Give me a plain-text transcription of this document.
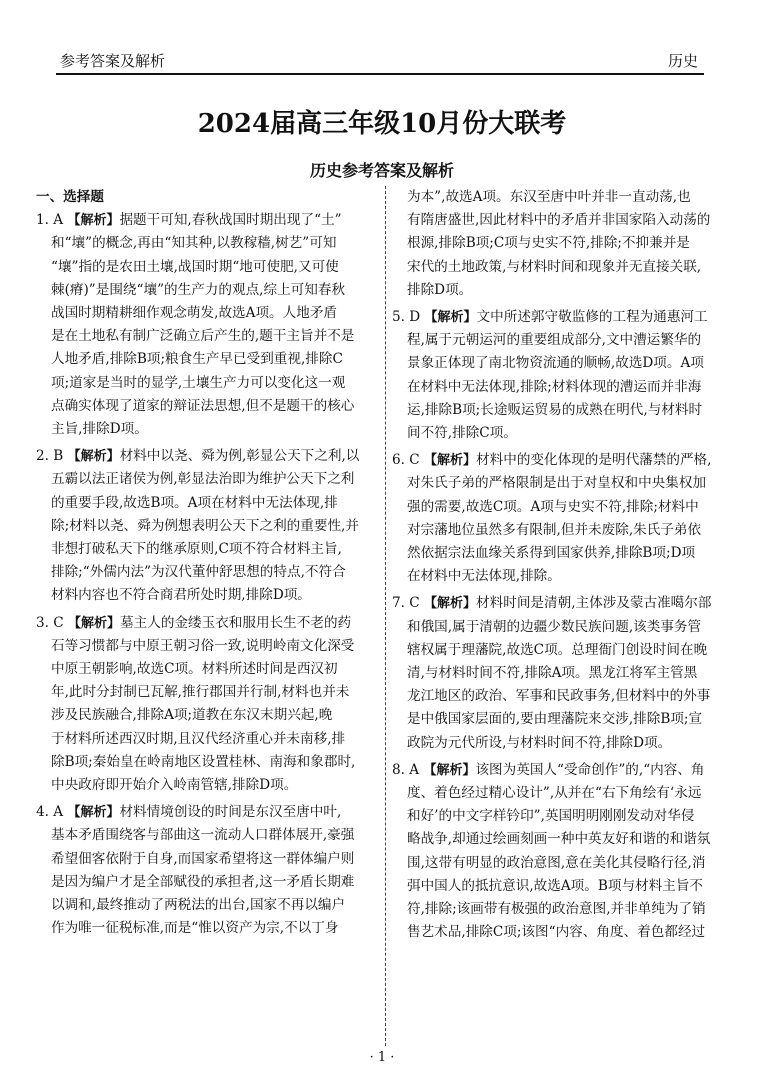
参考答案及解析	历史
2024届高三年级10月份大联考
历史参考答案及解析
一、选择题
1. A 【解析】据题干可知,春秋战国时期出现了“土”
和“壤”的概念,再由“知其种,以教稼穑,树艺”可知
“壤”指的是农田土壤,战国时期“地可使肥,又可使
棘(瘠)”是围绕“壤”的生产力的观点,综上可知春秋
战国时期精耕细作观念萌发,故选A项。人地矛盾
是在土地私有制广泛确立后产生的,题干主旨并不是
人地矛盾,排除B项;粮食生产早已受到重视,排除C
项;道家是当时的显学,土壤生产力可以变化这一观
点确实体现了道家的辩证法思想,但不是题干的核心
主旨,排除D项。
2. B 【解析】材料中以尧、舜为例,彰显公天下之利,以
五霸以法正诸侯为例,彰显法治即为维护公天下之利
的重要手段,故选B项。A项在材料中无法体现,排
除;材料以尧、舜为例想表明公天下之利的重要性,并
非想打破私天下的继承原则,C项不符合材料主旨,
排除;“外儒内法”为汉代董仲舒思想的特点,不符合
材料内容也不符合商君所处时期,排除D项。
3. C 【解析】墓主人的金缕玉衣和服用长生不老的药
石等习惯都与中原王朝习俗一致,说明岭南文化深受
中原王朝影响,故选C项。材料所述时间是西汉初
年,此时分封制已瓦解,推行郡国并行制,材料也并未
涉及民族融合,排除A项;道教在东汉末期兴起,晚
于材料所述西汉时期,且汉代经济重心并未南移,排
除B项;秦始皇在岭南地区设置桂林、南海和象郡时,
中央政府即开始介入岭南管辖,排除D项。
4. A 【解析】材料情境创设的时间是东汉至唐中叶,
基本矛盾围绕客与部曲这一流动人口群体展开,豪强
希望佃客依附于自身,而国家希望将这一群体编户则
是因为编户才是全部赋役的承担者,这一矛盾长期难
以调和,最终推动了两税法的出台,国家不再以编户
作为唯一征税标准,而是“惟以资产为宗,不以丁身
为本”,故选A项。东汉至唐中叶并非一直动荡,也
有隋唐盛世,因此材料中的矛盾并非国家陷入动荡的
根源,排除B项;C项与史实不符,排除;不抑兼并是
宋代的土地政策,与材料时间和现象并无直接关联,
排除D项。
5. D 【解析】文中所述郭守敬监修的工程为通惠河工
程,属于元朝运河的重要组成部分,文中漕运繁华的
景象正体现了南北物资流通的顺畅,故选D项。A项
在材料中无法体现,排除;材料体现的漕运而并非海
运,排除B项;长途贩运贸易的成熟在明代,与材料时
间不符,排除C项。
6. C 【解析】材料中的变化体现的是明代藩禁的严格,
对朱氏子弟的严格限制是出于对皇权和中央集权加
强的需要,故选C项。A项与史实不符,排除;材料中
对宗藩地位虽然多有限制,但并未废除,朱氏子弟依
然依据宗法血缘关系得到国家供养,排除B项;D项
在材料中无法体现,排除。
7. C 【解析】材料时间是清朝,主体涉及蒙古准噶尔部
和俄国,属于清朝的边疆少数民族问题,该类事务管
辖权属于理藩院,故选C项。总理衙门创设时间在晚
清,与材料时间不符,排除A项。黑龙江将军主管黑
龙江地区的政治、军事和民政事务,但材料中的外事
是中俄国家层面的,要由理藩院来交涉,排除B项;宣
政院为元代所设,与材料时间不符,排除D项。
8. A 【解析】该图为英国人“受命创作”的,“内容、角
度、着色经过精心设计”,从并在“右下角绘有‘永远
和好’的中文字样钤印”,英国明明刚刚发动对华侵
略战争,却通过绘画刻画一种中英友好和谐的和谐氛
围,这带有明显的政治意图,意在美化其侵略行径,消
弭中国人的抵抗意识,故选A项。B项与材料主旨不
符,排除;该画带有极强的政治意图,并非单纯为了销
售艺术品,排除C项;该图“内容、角度、着色都经过
· 1 ·
